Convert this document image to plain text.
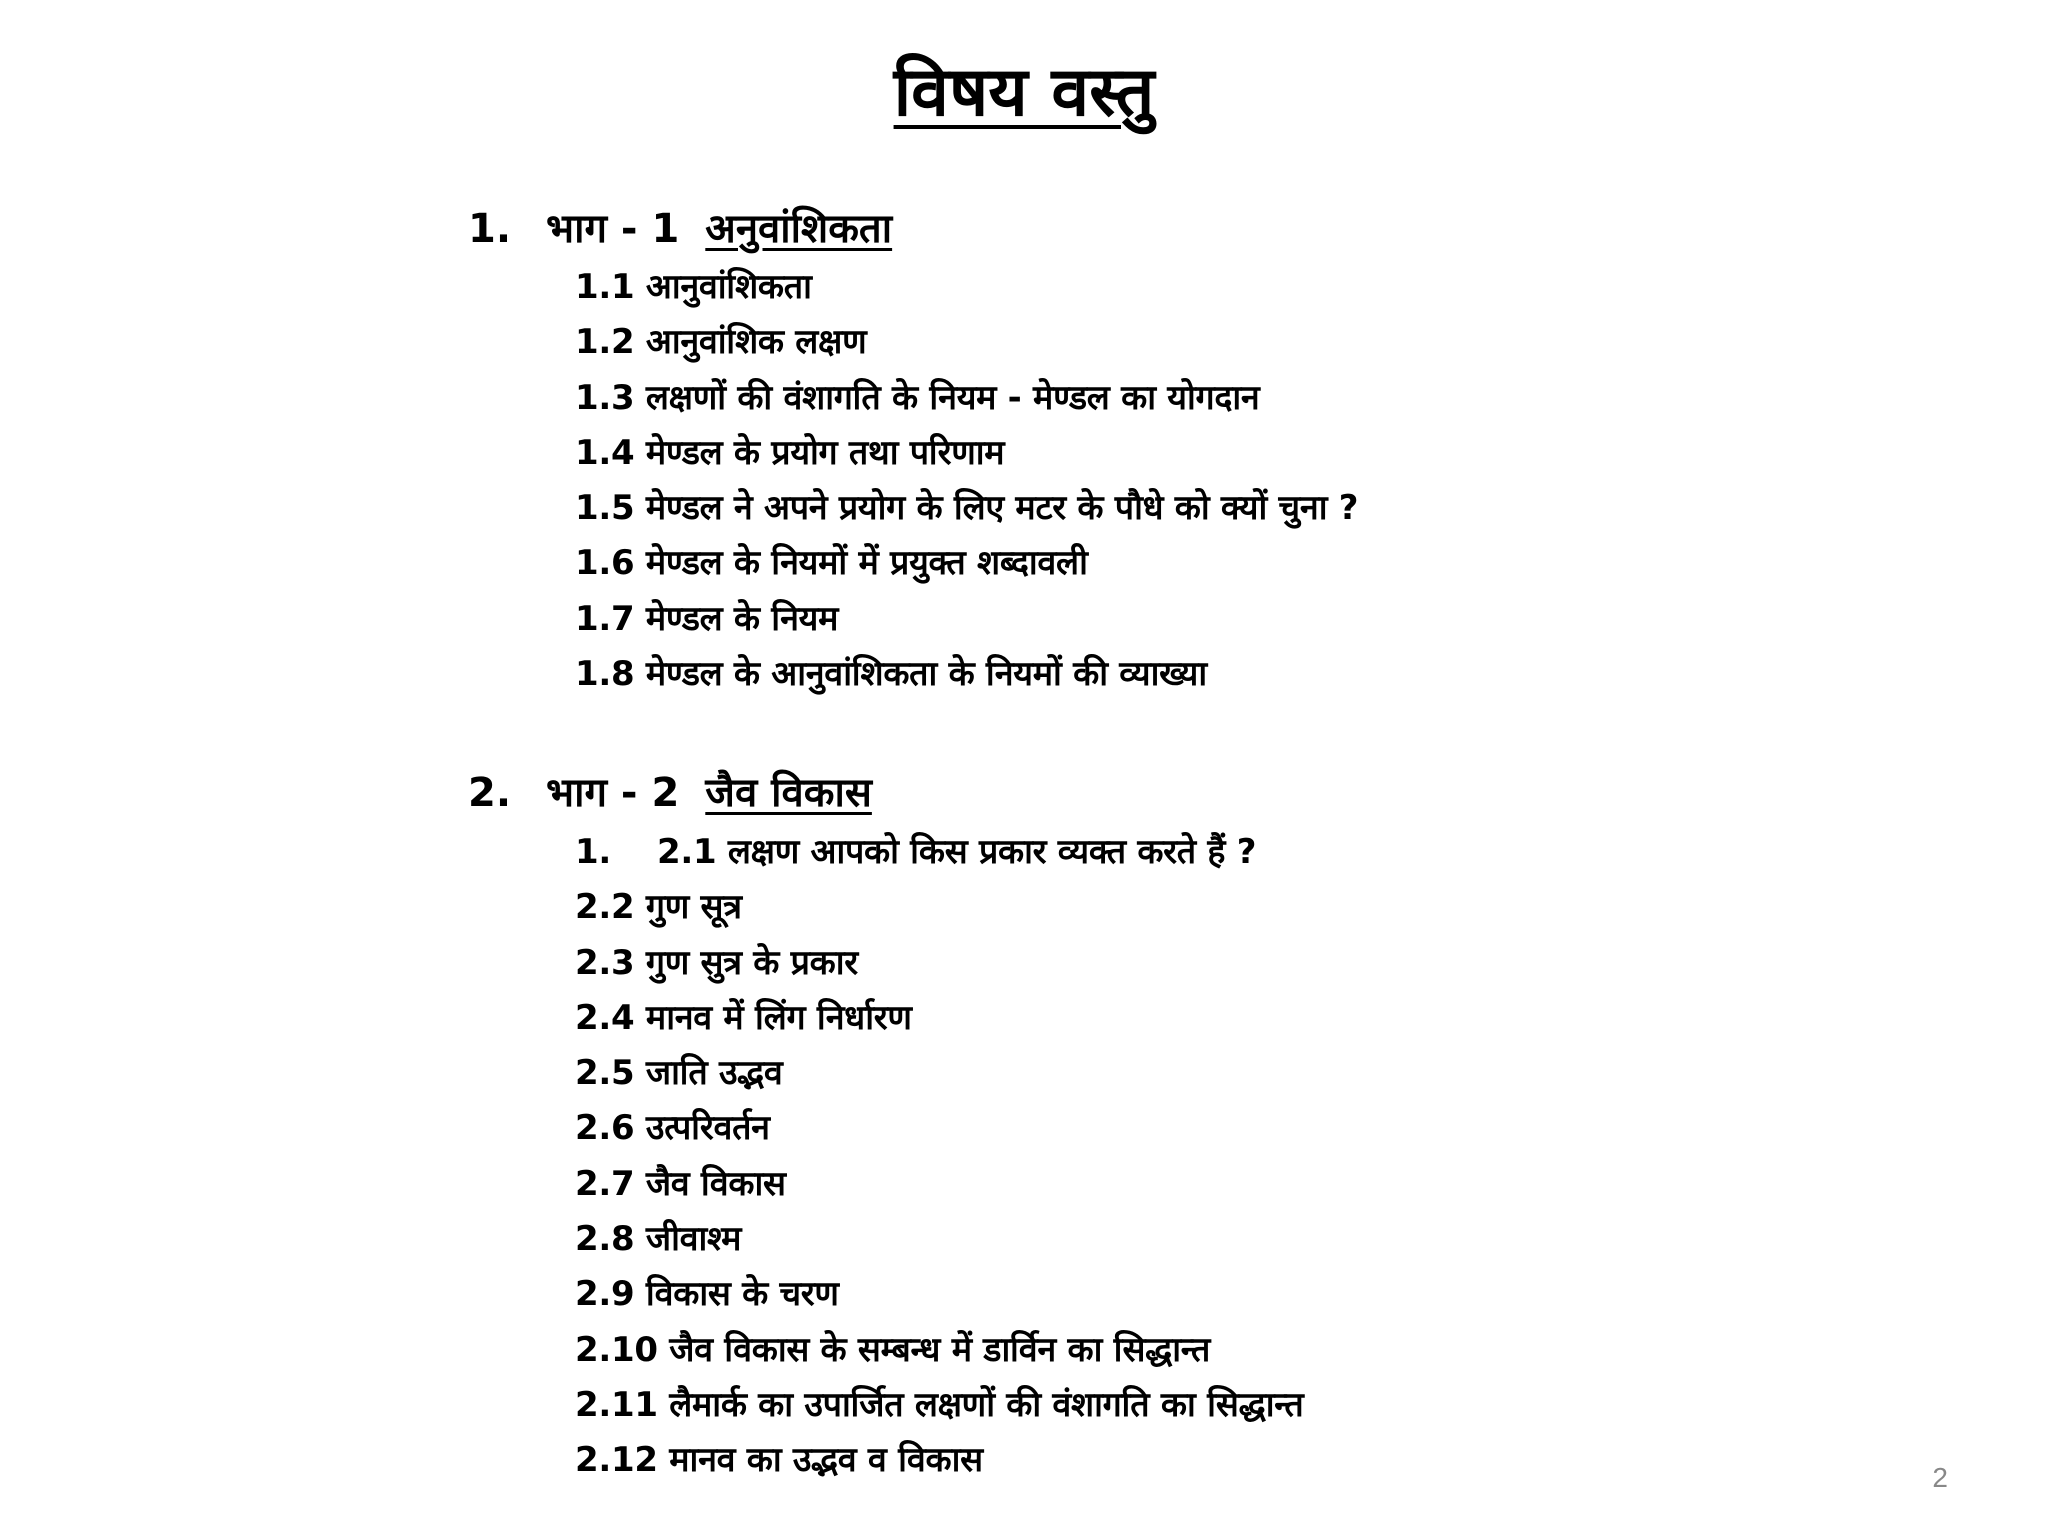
विषय वस्तु
1. भाग - 1 अनुवांशिकता
1.1 आनुवांशिकता
1.2 आनुवांशिक लक्षण
1.3 लक्षणों की वंशागति के नियम - मेण्डल का योगदान
1.4 मेण्डल के प्रयोग तथा परिणाम
1.5 मेण्डल ने अपने प्रयोग के लिए मटर के पौधे को क्यों चुना ?
1.6 मेण्डल के नियमों में प्रयुक्त शब्दावली
1.7 मेण्डल के नियम
1.8 मेण्डल के आनुवांशिकता के नियमों की व्याख्या
2. भाग - 2 जैव विकास
1. 2.1 लक्षण आपको किस प्रकार व्यक्त करते हैं ?
2.2 गुण सूत्र
2.3 गुण सुत्र के प्रकार
2.4 मानव में लिंग निर्धारण
2.5 जाति उद्भव
2.6 उत्परिवर्तन
2.7 जैव विकास
2.8 जीवाश्म
2.9 विकास के चरण
2.10 जैव विकास के सम्बन्ध में डार्विन का सिद्धान्त
2.11 लैमार्क का उपार्जित लक्षणों की वंशागति का सिद्धान्त
2.12 मानव का उद्भव व विकास	2
